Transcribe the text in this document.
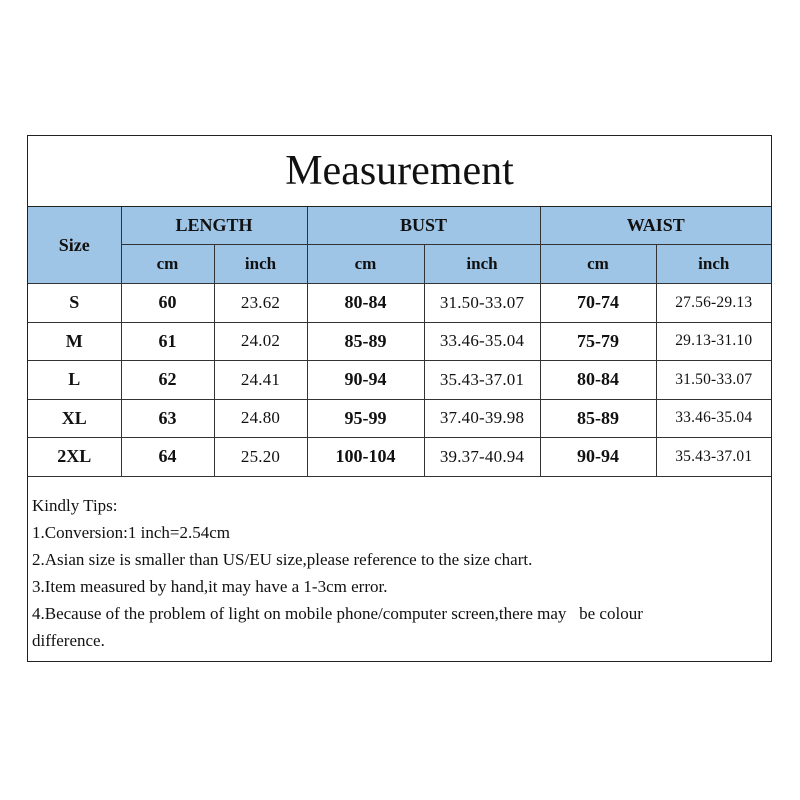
Measurement
Size	LENGTH		BUST		WAIST	
	cm	inch	cm	inch	cm	inch
S	60	23.62	80-84	31.50-33.07	70-74	27.56-29.13
M	61	24.02	85-89	33.46-35.04	75-79	29.13-31.10
L	62	24.41	90-94	35.43-37.01	80-84	31.50-33.07
XL	63	24.80	95-99	37.40-39.98	85-89	33.46-35.04
2XL	64	25.20	100-104	39.37-40.94	90-94	35.43-37.01
Kindly Tips:
1.Conversion:1 inch=2.54cm
2.Asian size is smaller than US/EU size,please reference to the size chart.
3.Item measured by hand,it may have a 1-3cm error.
4.Because of the problem of light on mobile phone/computer screen,there may   be colour
difference.
